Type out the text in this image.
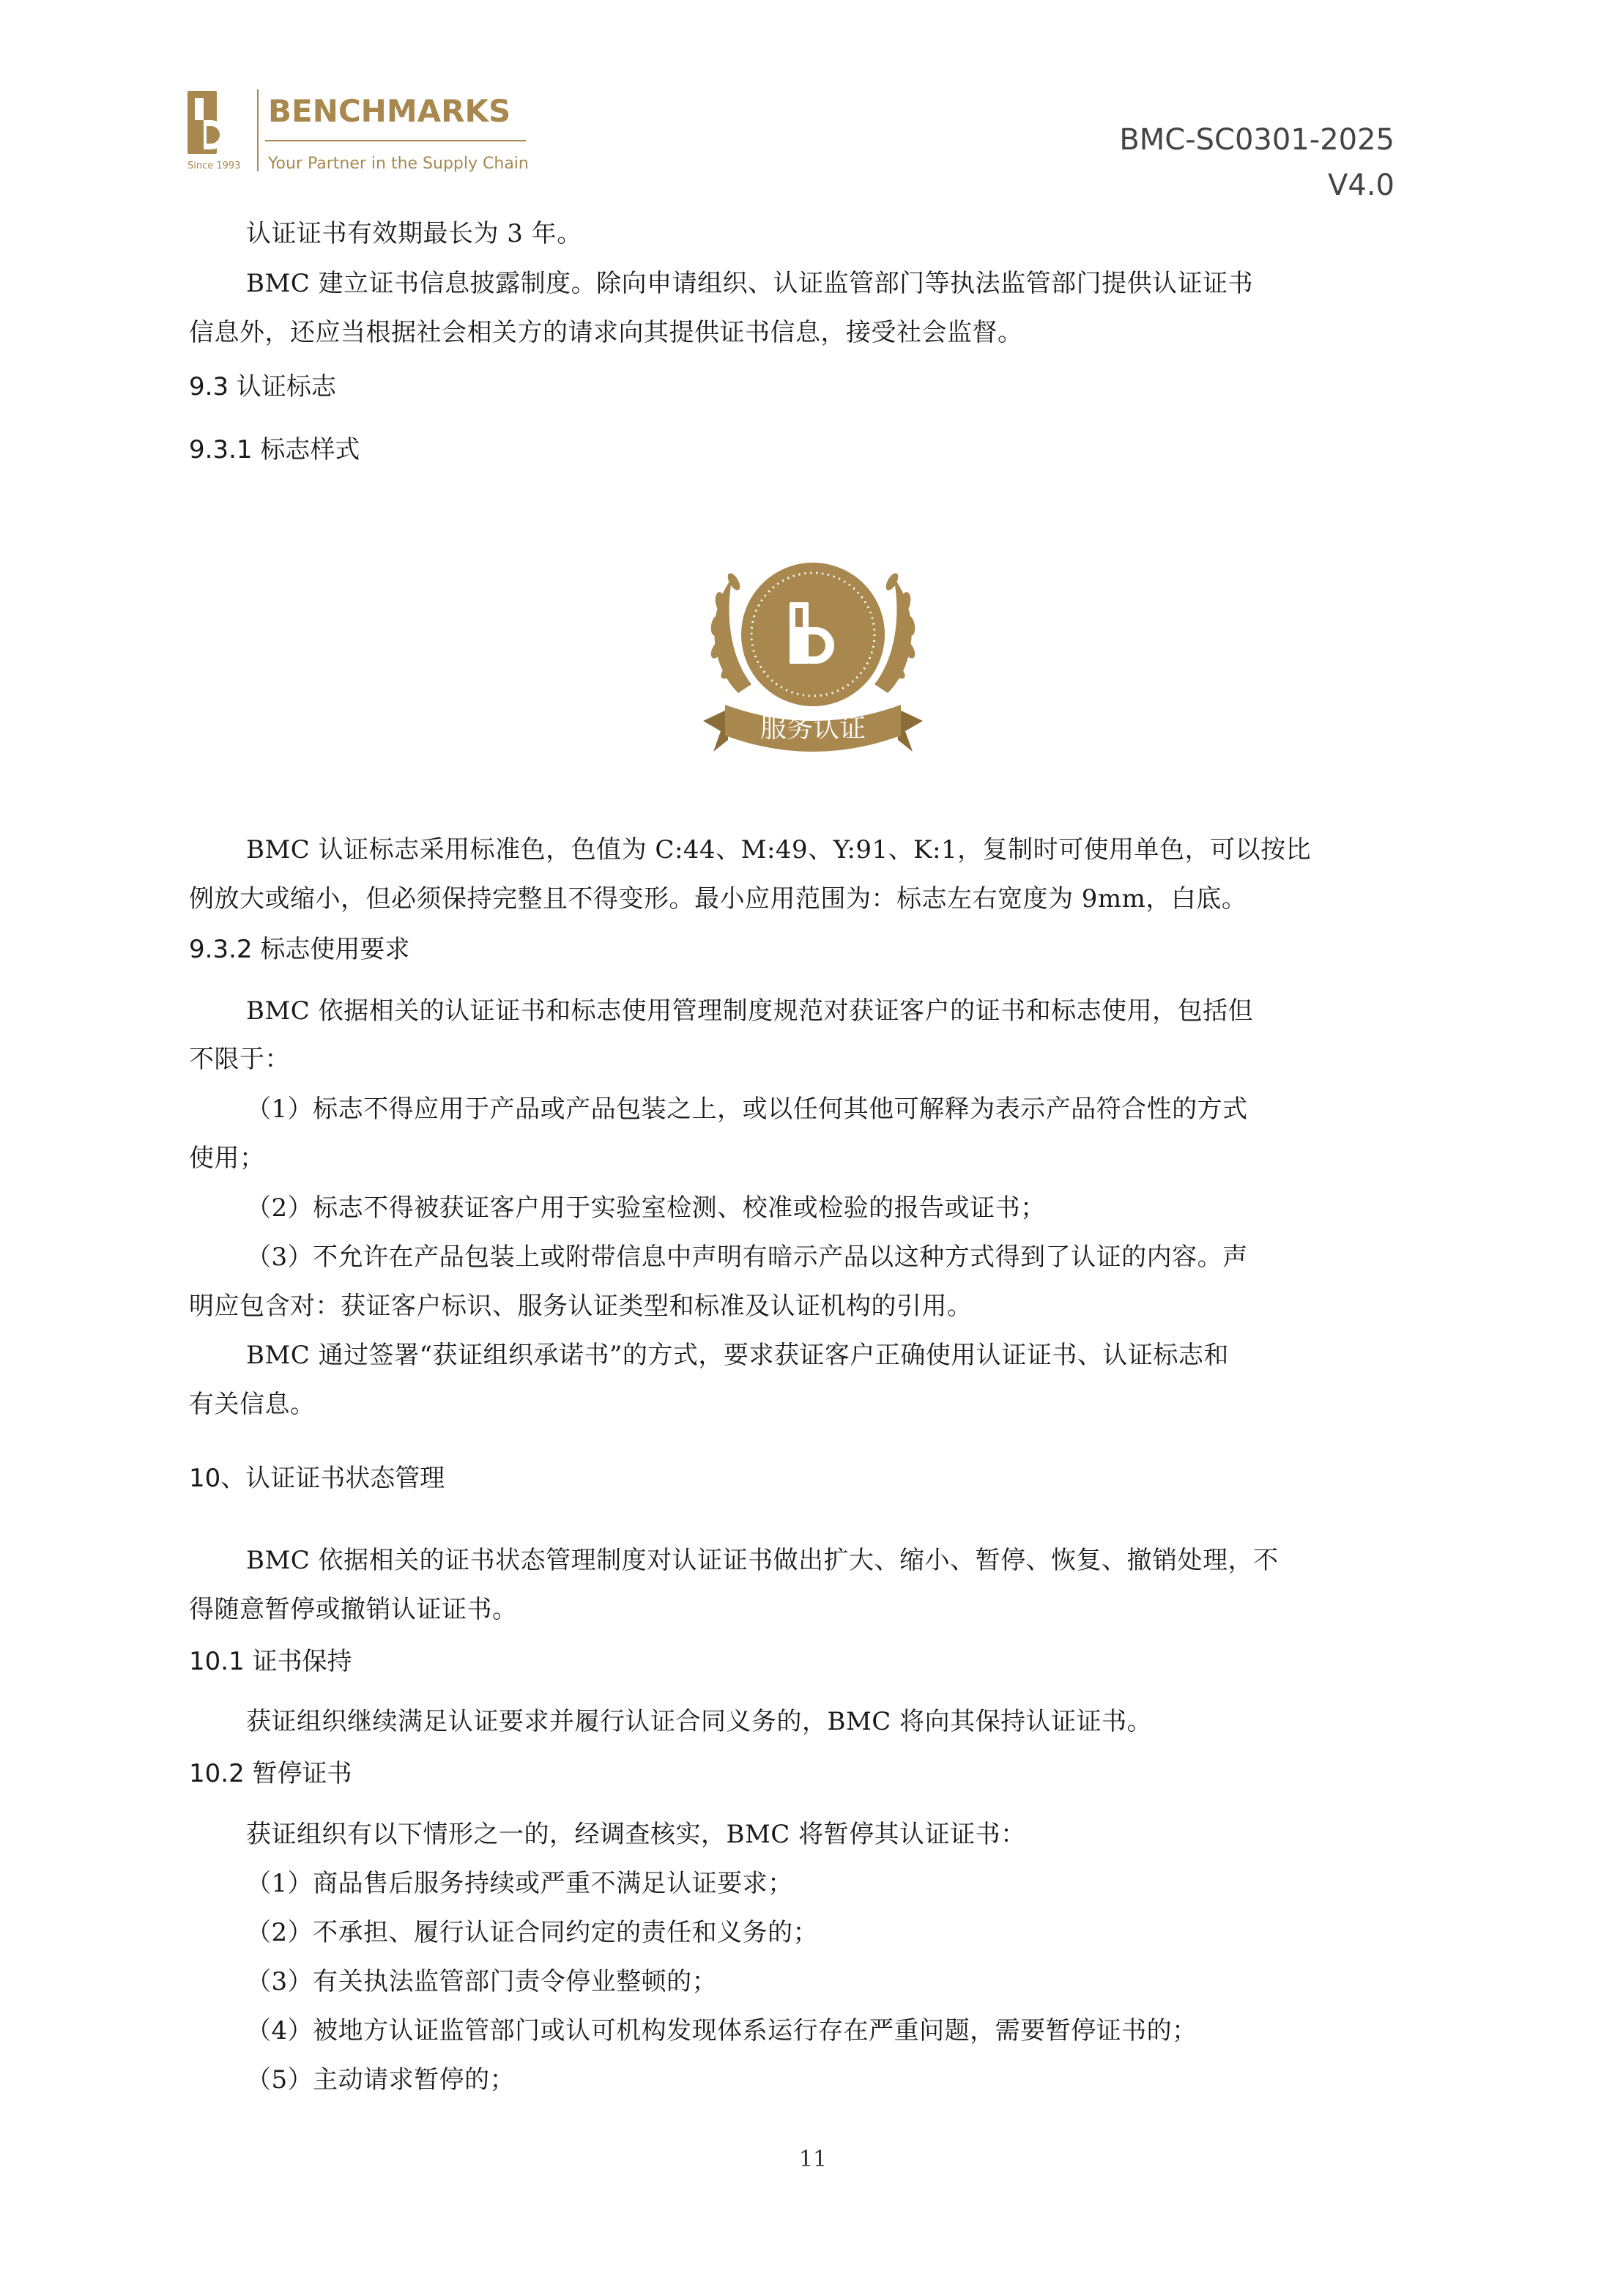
Since 1993
BENCHMARKS
Your Partner in the Supply Chain
BMC-SC0301-2025
V4.0
认证证书有效期最长为 3 年。
BMC 建立证书信息披露制度。除向申请组织、认证监管部门等执法监管部门提供认证证书
信息外，还应当根据社会相关方的请求向其提供证书信息，接受社会监督。
9.3 认证标志
9.3.1 标志样式
服务认证
BMC 认证标志采用标准色，色值为 C:44、M:49、Y:91、K:1，复制时可使用单色，可以按比
例放大或缩小，但必须保持完整且不得变形。最小应用范围为：标志左右宽度为 9mm，白底。
9.3.2 标志使用要求
BMC 依据相关的认证证书和标志使用管理制度规范对获证客户的证书和标志使用，包括但
不限于：
（1）标志不得应用于产品或产品包装之上，或以任何其他可解释为表示产品符合性的方式
使用；
（2）标志不得被获证客户用于实验室检测、校准或检验的报告或证书；
（3）不允许在产品包装上或附带信息中声明有暗示产品以这种方式得到了认证的内容。声
明应包含对：获证客户标识、服务认证类型和标准及认证机构的引用。
BMC 通过签署“获证组织承诺书”的方式，要求获证客户正确使用认证证书、认证标志和
有关信息。
10、认证证书状态管理
BMC 依据相关的证书状态管理制度对认证证书做出扩大、缩小、暂停、恢复、撤销处理，不
得随意暂停或撤销认证证书。
10.1 证书保持
获证组织继续满足认证要求并履行认证合同义务的，BMC 将向其保持认证证书。
10.2 暂停证书
获证组织有以下情形之一的，经调查核实，BMC 将暂停其认证证书：
（1）商品售后服务持续或严重不满足认证要求；
（2）不承担、履行认证合同约定的责任和义务的；
（3）有关执法监管部门责令停业整顿的；
（4）被地方认证监管部门或认可机构发现体系运行存在严重问题，需要暂停证书的；
（5）主动请求暂停的；
11
